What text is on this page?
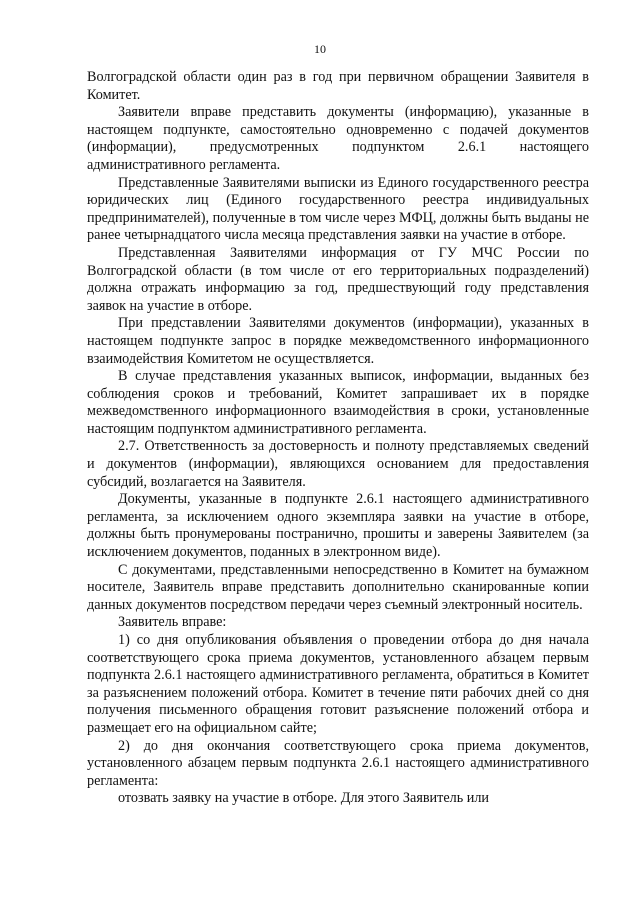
10

Волгоградской области один раз в год при первичном обращении Заявителя в Комитет.

Заявители вправе представить документы (информацию), указанные в настоящем подпункте, самостоятельно одновременно с подачей документов (информации), предусмотренных подпунктом 2.6.1 настоящего административного регламента.

Представленные Заявителями выписки из Единого государственного реестра юридических лиц (Единого государственного реестра индивидуальных предпринимателей), полученные в том числе через МФЦ, должны быть выданы не ранее четырнадцатого числа месяца представления заявки на участие в отборе.

Представленная Заявителями информация от ГУ МЧС России по Волгоградской области (в том числе от его территориальных подразделений) должна отражать информацию за год, предшествующий году представления заявок на участие в отборе.

При представлении Заявителями документов (информации), указанных в настоящем подпункте запрос в порядке межведомственного информационного взаимодействия Комитетом не осуществляется.

В случае представления указанных выписок, информации, выданных без соблюдения сроков и требований, Комитет запрашивает их в порядке межведомственного информационного взаимодействия в сроки, установленные настоящим подпунктом административного регламента.

2.7. Ответственность за достоверность и полноту представляемых сведений и документов (информации), являющихся основанием для предоставления субсидий, возлагается на Заявителя.

Документы, указанные в подпункте 2.6.1 настоящего административного регламента, за исключением одного экземпляра заявки на участие в отборе, должны быть пронумерованы постранично, прошиты и заверены Заявителем (за исключением документов, поданных в электронном виде).

С документами, представленными непосредственно в Комитет на бумажном носителе, Заявитель вправе представить дополнительно сканированные копии данных документов посредством передачи через съемный электронный носитель.

Заявитель вправе:

1) со дня опубликования объявления о проведении отбора до дня начала соответствующего срока приема документов, установленного абзацем первым подпункта 2.6.1 настоящего административного регламента, обратиться в Комитет за разъяснением положений отбора. Комитет в течение пяти рабочих дней со дня получения письменного обращения готовит разъяснение положений отбора и размещает его на официальном сайте;

2) до дня окончания соответствующего срока приема документов, установленного абзацем первым подпункта 2.6.1 настоящего административного регламента:

отозвать заявку на участие в отборе. Для этого Заявитель или
